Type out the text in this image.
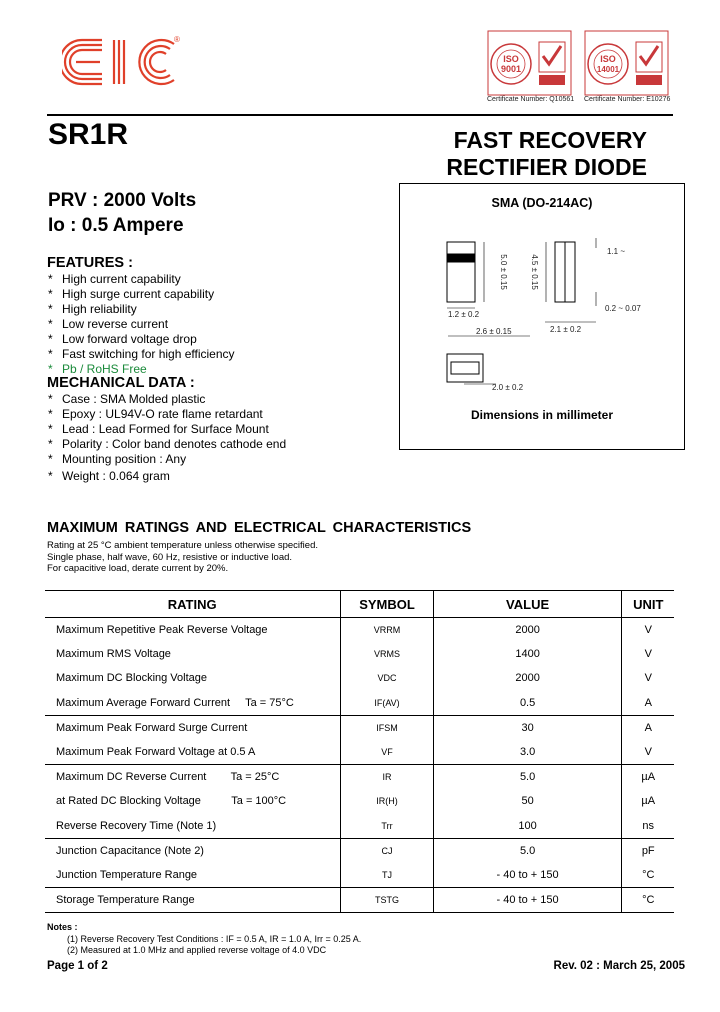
®
ISO
9001
Certificate Number: Q10561
ISO
14001
Certificate Number: E10276
SR1R	FAST RECOVERY
RECTIFIER DIODE
PRV : 2000 Volts
Io : 0.5 Ampere
FEATURES :
* High current capability
* High surge current capability
* High reliability
* Low reverse current
* Low forward voltage drop
* Fast switching for high efficiency
* Pb / RoHS Free
MECHANICAL DATA :
* Case : SMA Molded plastic
* Epoxy : UL94V-O rate flame retardant
* Lead : Lead Formed for Surface Mount
* Polarity : Color band denotes cathode end
* Mounting position : Any
* Weight : 0.064 gram
SMA (DO-214AC)
5.0 ± 0.15	4.5 ± 0.15
1.2 ± 0.2
2.6 ± 0.15	2.1 ± 0.2
1.1 ~
0.2 ~ 0.07
2.0 ± 0.2
Dimensions in millimeter
MAXIMUM RATINGS AND ELECTRICAL CHARACTERISTICS
Rating at 25 °C ambient temperature unless otherwise specified.
Single phase, half wave, 60 Hz, resistive or inductive load.
For capacitive load, derate current by 20%.
RATING	SYMBOL	VALUE	UNIT
Maximum Repetitive Peak Reverse Voltage	VRRM	2000	V
Maximum RMS Voltage	VRMS	1400	V
Maximum DC Blocking Voltage	VDC	2000	V
Maximum Average Forward Current     Ta = 75°C	IF(AV)	0.5	A
Maximum Peak Forward Surge Current	IFSM	30	A
Maximum Peak Forward Voltage at 0.5 A	VF	3.0	V
Maximum DC Reverse Current        Ta = 25°C	IR	5.0	µA
at Rated DC Blocking Voltage          Ta = 100°C	IR(H)	50	µA
Reverse Recovery Time (Note 1)	Trr	100	ns
Junction Capacitance (Note 2)	CJ	5.0	pF
Junction Temperature Range	TJ	- 40 to + 150	°C
Storage Temperature Range	TSTG	- 40 to + 150	°C
Notes :
(1) Reverse Recovery Test Conditions : IF = 0.5 A, IR = 1.0 A, Irr = 0.25 A.
(2) Measured at 1.0 MHz and applied reverse voltage of 4.0 VDC
Page 1 of 2	Rev. 02 : March 25, 2005
